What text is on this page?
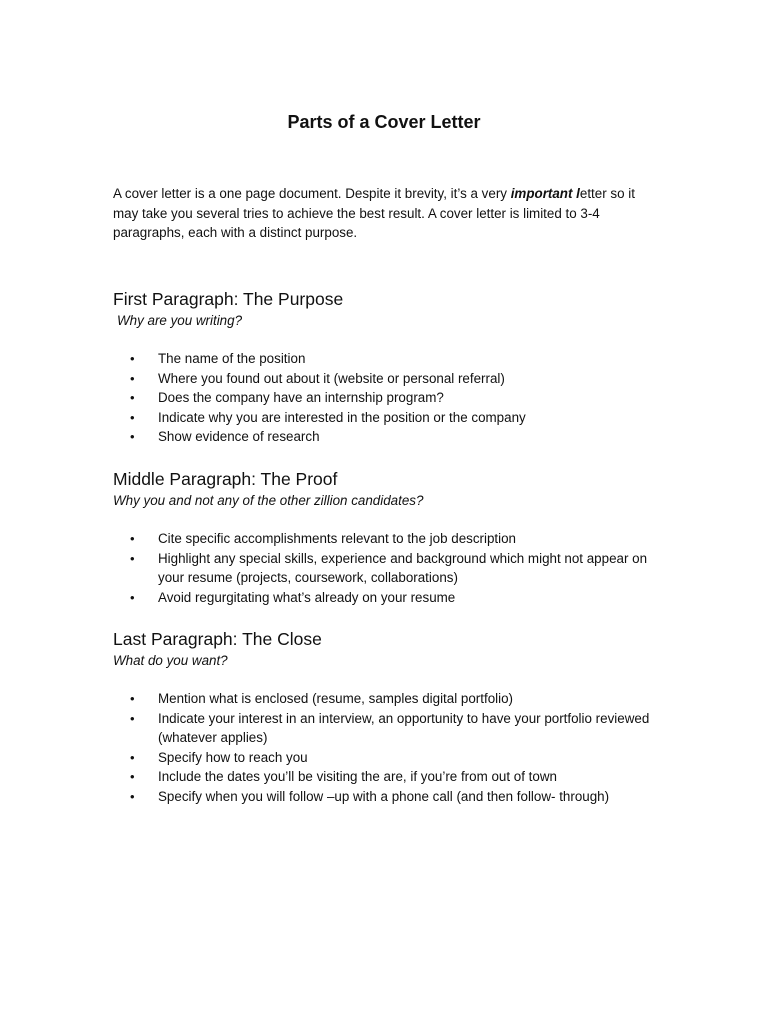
Parts of a Cover Letter

A cover letter is a one page document. Despite it brevity, it’s a very important letter so it may take you several tries to achieve the best result. A cover letter is limited to 3-4 paragraphs, each with a distinct purpose.

First Paragraph: The Purpose

Why are you writing?

• The name of the position
• Where you found out about it (website or personal referral)
• Does the company have an internship program?
• Indicate why you are interested in the position or the company
• Show evidence of research
Middle Paragraph: The Proof

Why you and not any of the other zillion candidates?

• Cite specific accomplishments relevant to the job description
• Highlight any special skills, experience and background which might not appear on your resume (projects, coursework, collaborations)
• Avoid regurgitating what’s already on your resume
Last Paragraph: The Close

What do you want?

• Mention what is enclosed (resume, samples digital portfolio)
• Indicate your interest in an interview, an opportunity to have your portfolio reviewed (whatever applies)
• Specify how to reach you
• Include the dates you’ll be visiting the are, if you’re from out of town
• Specify when you will follow –up with a phone call (and then follow- through)
